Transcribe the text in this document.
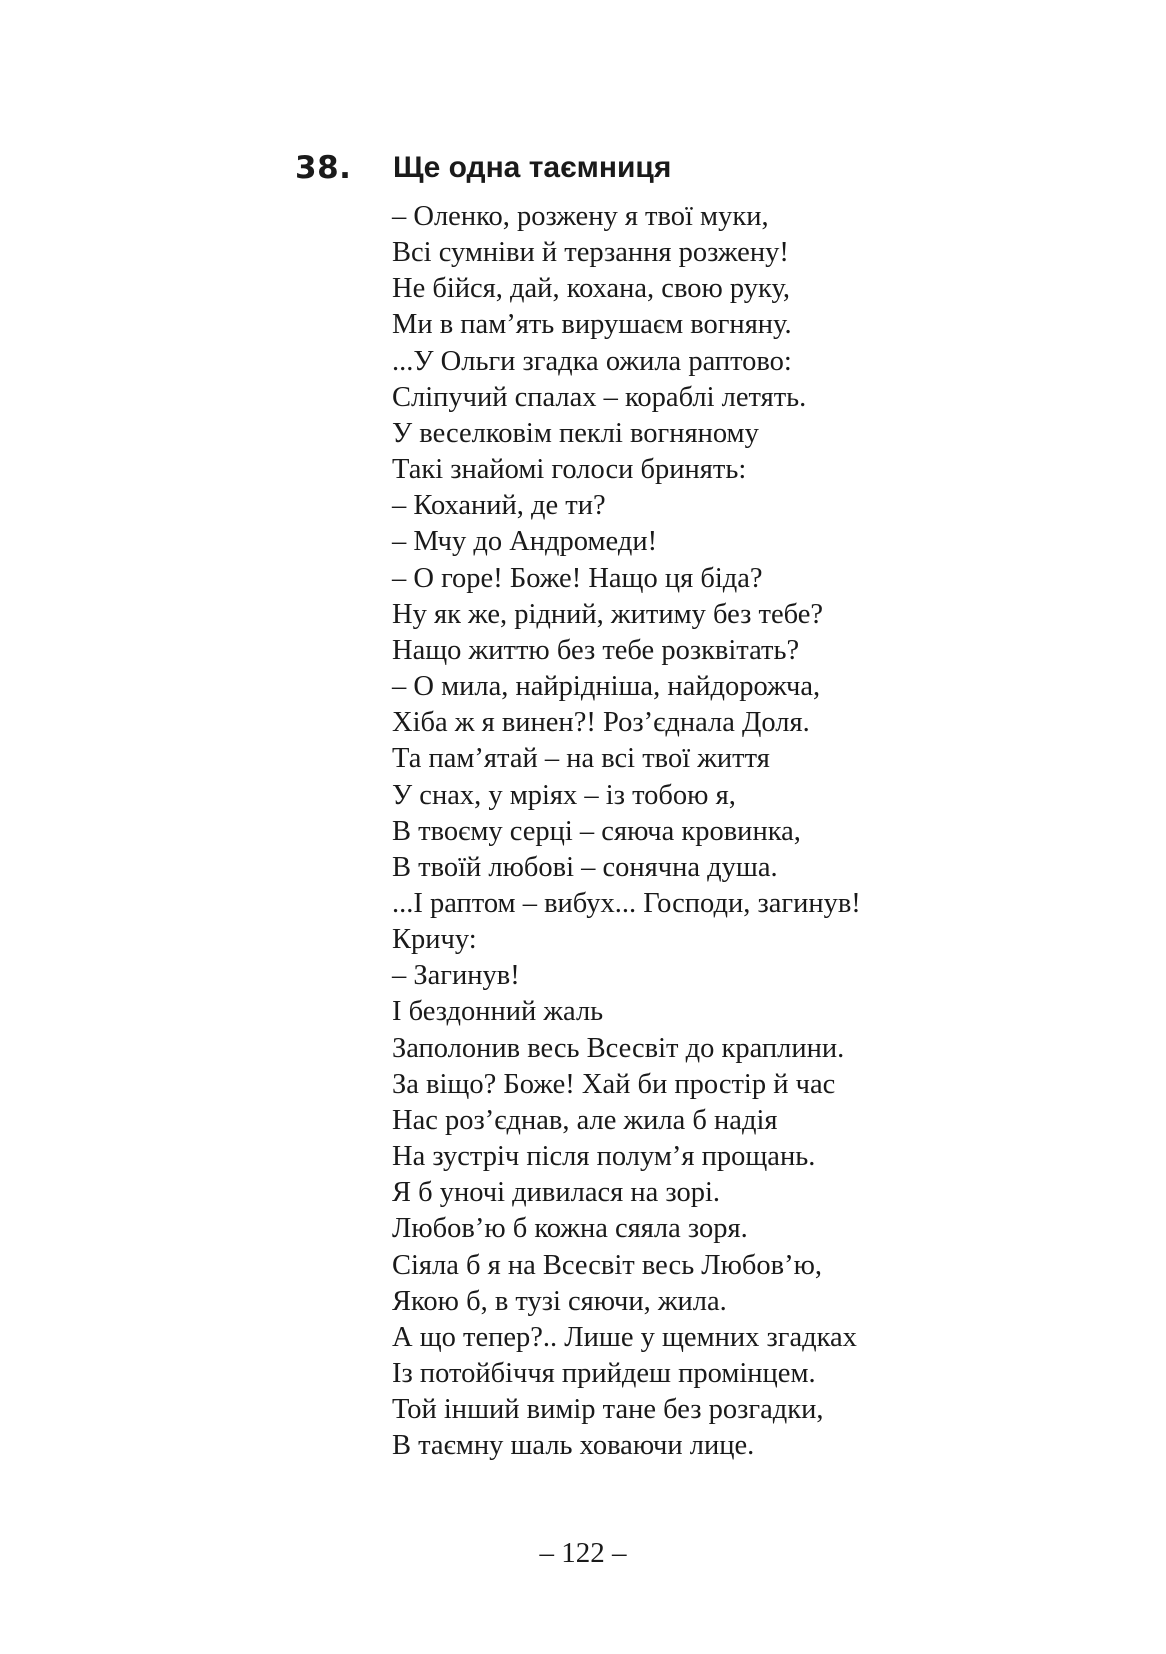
38. Ще одна таємниця
– Оленко, розжену я твої муки,
Всі сумніви й терзання розжену!
Не бійся, дай, кохана, свою руку,
Ми в пам’ять вирушаєм вогняну.
...У Ольги згадка ожила раптово:
Сліпучий спалах – кораблі летять.
У веселковім пеклі вогняному
Такі знайомі голоси бринять:
– Коханий, де ти?
– Мчу до Андромеди!
– О горе! Боже! Нащо ця біда?
Ну як же, рідний, житиму без тебе?
Нащо життю без тебе розквітать?
– О мила, найрідніша, найдорожча,
Хіба ж я винен?! Роз’єднала Доля.
Та пам’ятай – на всі твої життя
У снах, у мріях – із тобою я,
В твоєму серці – сяюча кровинка,
В твоїй любові – сонячна душа.
...І раптом – вибух... Господи, загинув!
Кричу:
– Загинув!
І бездонний жаль
Заполонив весь Всесвіт до краплини.
За віщо? Боже! Хай би простір й час
Нас роз’єднав, але жила б надія
На зустріч після полум’я прощань.
Я б уночі дивилася на зорі.
Любов’ю б кожна сяяла зоря.
Сіяла б я на Всесвіт весь Любов’ю,
Якою б, в тузі сяючи, жила.
А що тепер?.. Лише у щемних згадках
Із потойбіччя прийдеш промінцем.
Той інший вимір тане без розгадки,
В таємну шаль ховаючи лице.
– 122 –
